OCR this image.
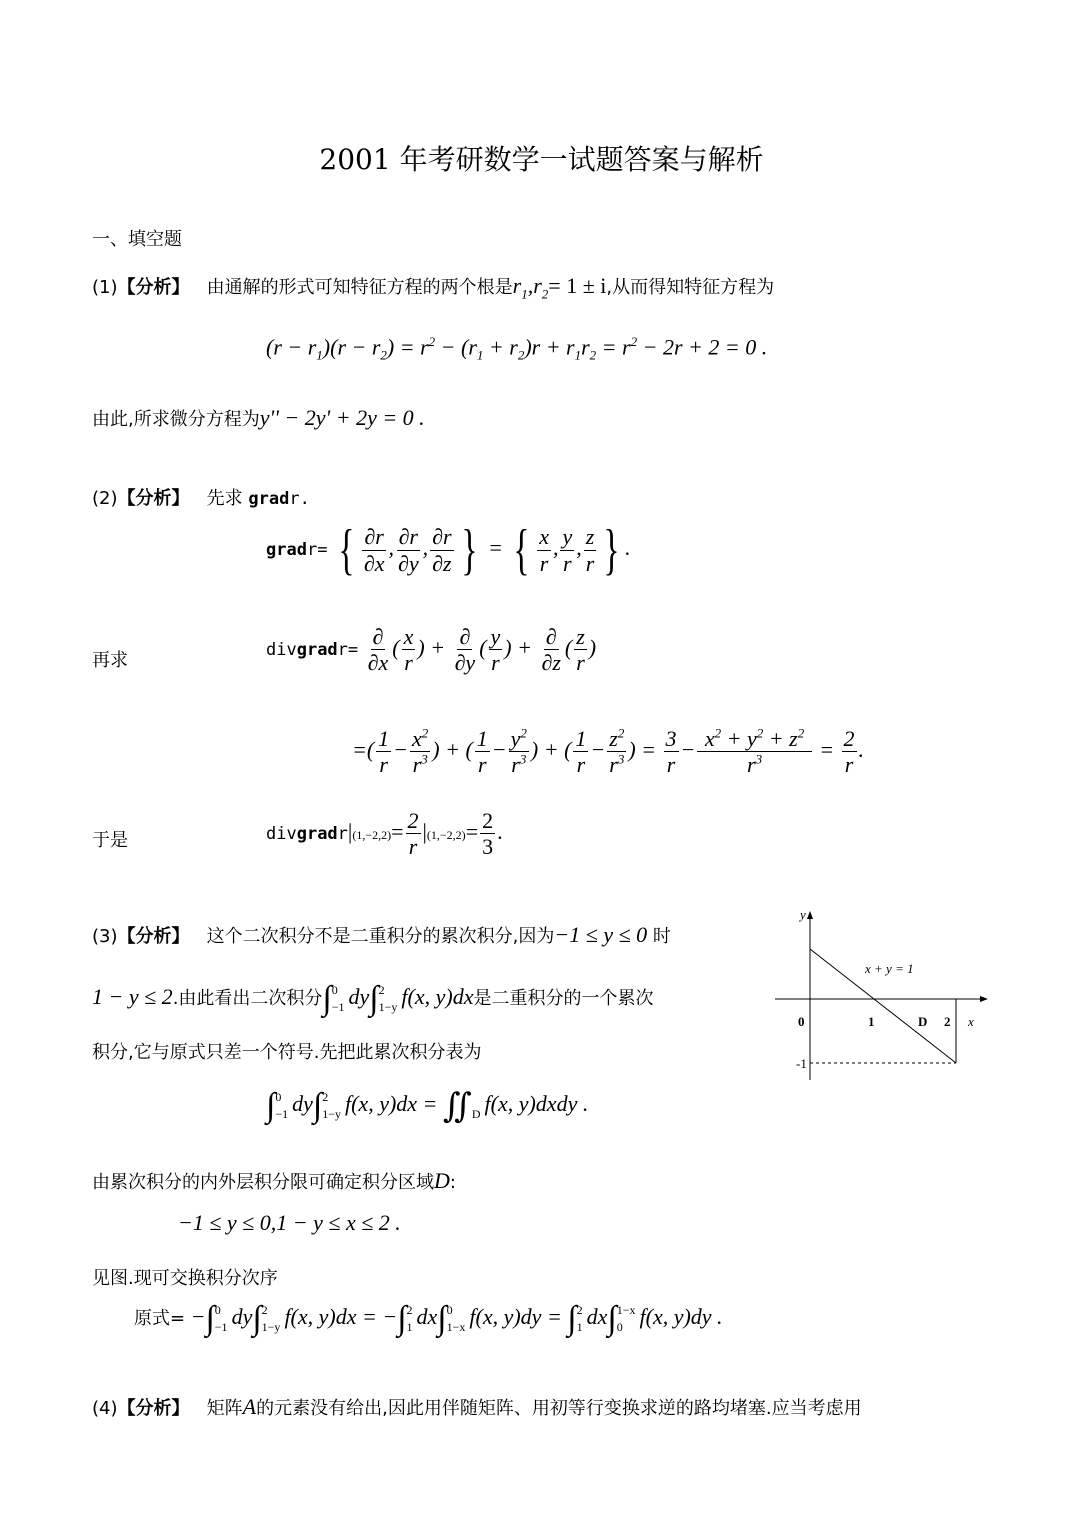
2001 年考研数学一试题答案与解析
一、填空题
(1)【分析】 由通解的形式可知特征方程的两个根是$r_1,r_2= 1 \pm i$,从而得知特征方程为
$(r - r_1)(r - r_2) = r^2 - (r_1 + r_2)r + r_1r_2 = r^2 - 2r + 2 = 0$ .
由此,所求微分方程为y'' − 2y' + 2y = 0 .
(2)【分析】 先求 gradr.
gradr= { $\frac{\partial r}{\partial x}$ , $\frac{\partial r}{\partial y}$ , $\frac{\partial r}{\partial z}$ } = { $\frac{x}{r}$ , $\frac{y}{r}$ , $\frac{z}{r}$ } .
再求
divgradr= $\frac{\partial}{\partial x}$ ( $\frac{x}{r}$ ) + $\frac{\partial}{\partial y}$ ( $\frac{y}{r}$ ) + $\frac{\partial}{\partial z}$ ( $\frac{z}{r}$ )
=( $\frac{1}{r} - \frac{x^2}{r^3}$ ) + ( $\frac{1}{r} - \frac{y^2}{r^3}$ ) + ( $\frac{1}{r} - \frac{z^2}{r^3}$ ) = $\frac{3}{r} - \frac{x^2 + y^2 + z^2}{r^3} = \frac{2}{r}$ .
于是	divgradr|(1,−2,2)= $\frac{2}{r} |(1,-2,2)= \frac{2}{3}$ .
(3)【分析】 这个二次积分不是二重积分的累次积分,因为−1 ≤ y ≤ 0 时
1 − y ≤ 2.由此看出二次积分∫ 0
−1 dy∫ 2
1−y f(x, y)dx是二重积分的一个累次
积分,它与原式只差一个符号.先把此累次积分表为
∫ 0
−1 dy∫ 2
1−y f(x, y)dx = ∬
D f(x, y)dxdy .
由累次积分的内外层积分限可确定积分区域D:
−1 ≤ y ≤ 0,1 − y ≤ x ≤ 2 .
见图.现可交换积分次序
原式= −∫ 0
−1 dy∫ 2
1−y f(x, y)dx = −∫ 2
1 dx∫ 0
1−x f(x, y)dy = ∫ 2
1 dx∫ 1−x
0 f(x, y)dy .
y
x
x + y = 1
0	1	D 2
-1
(4)【分析】 矩阵A的元素没有给出,因此用伴随矩阵、用初等行变换求逆的路均堵塞.应当考虑用
